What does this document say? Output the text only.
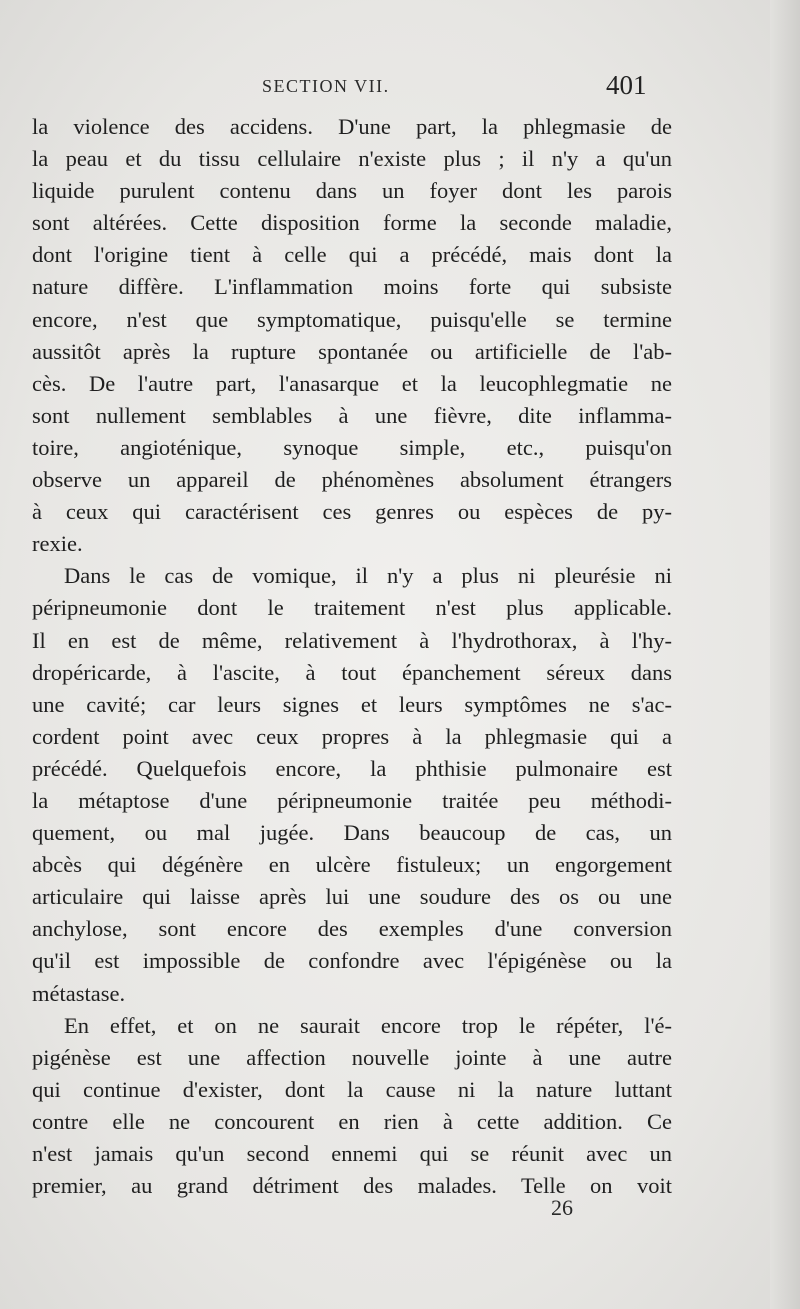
SECTION VII.	401
la violence des accidens. D'une part, la phlegmasie de
la peau et du tissu cellulaire n'existe plus ; il n'y a qu'un
liquide purulent contenu dans un foyer dont les parois
sont altérées. Cette disposition forme la seconde maladie,
dont l'origine tient à celle qui a précédé, mais dont la
nature diffère. L'inflammation moins forte qui subsiste
encore, n'est que symptomatique, puisqu'elle se termine
aussitôt après la rupture spontanée ou artificielle de l'ab-
cès. De l'autre part, l'anasarque et la leucophlegmatie ne
sont nullement semblables à une fièvre, dite inflamma-
toire, angioténique, synoque simple, etc., puisqu'on
observe un appareil de phénomènes absolument étrangers
à ceux qui caractérisent ces genres ou espèces de py-
rexie.
Dans le cas de vomique, il n'y a plus ni pleurésie ni
péripneumonie dont le traitement n'est plus applicable.
Il en est de même, relativement à l'hydrothorax, à l'hy-
dropéricarde, à l'ascite, à tout épanchement séreux dans
une cavité; car leurs signes et leurs symptômes ne s'ac-
cordent point avec ceux propres à la phlegmasie qui a
précédé. Quelquefois encore, la phthisie pulmonaire est
la métaptose d'une péripneumonie traitée peu méthodi-
quement, ou mal jugée. Dans beaucoup de cas, un
abcès qui dégénère en ulcère fistuleux; un engorgement
articulaire qui laisse après lui une soudure des os ou une
anchylose, sont encore des exemples d'une conversion
qu'il est impossible de confondre avec l'épigénèse ou la
métastase.
En effet, et on ne saurait encore trop le répéter, l'é-
pigénèse est une affection nouvelle jointe à une autre
qui continue d'exister, dont la cause ni la nature luttant
contre elle ne concourent en rien à cette addition. Ce
n'est jamais qu'un second ennemi qui se réunit avec un
premier, au grand détriment des malades. Telle on voit
26
